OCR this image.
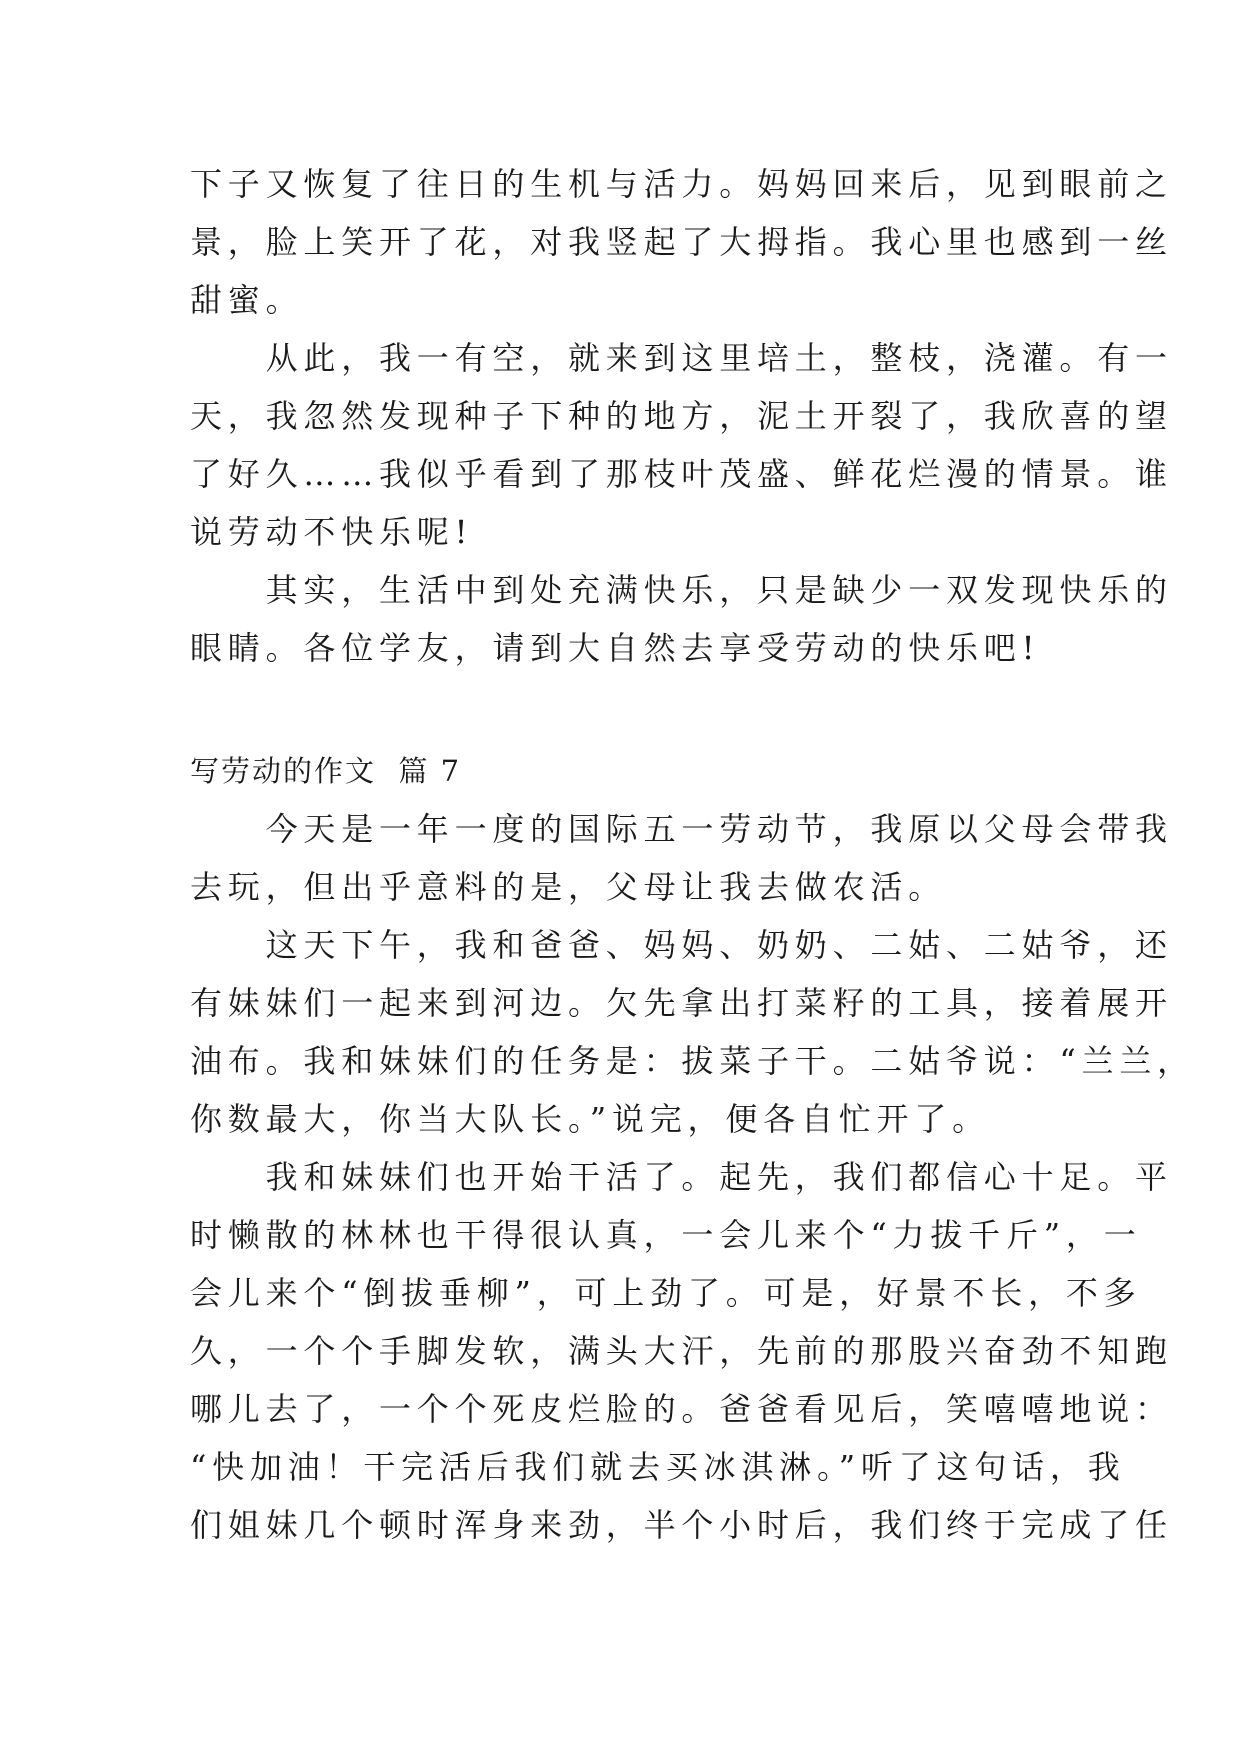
下子又恢复了往日的生机与活力。妈妈回来后，见到眼前之
景，脸上笑开了花，对我竖起了大拇指。我心里也感到一丝
甜蜜。
　　从此，我一有空，就来到这里培土，整枝，浇灌。有一
天，我忽然发现种子下种的地方，泥土开裂了，我欣喜的望
了好久……我似乎看到了那枝叶茂盛、鲜花烂漫的情景。谁
说劳动不快乐呢!
　　其实，生活中到处充满快乐，只是缺少一双发现快乐的
眼睛。各位学友，请到大自然去享受劳动的快乐吧!
写劳动的作文  篇 7
　　今天是一年一度的国际五一劳动节，我原以父母会带我
去玩，但出乎意料的是，父母让我去做农活。
　　这天下午，我和爸爸、妈妈、奶奶、二姑、二姑爷，还
有妹妹们一起来到河边。欠先拿出打菜籽的工具，接着展开
油布。我和妹妹们的任务是：拔菜子干。二姑爷说：“兰兰，
你数最大，你当大队长。”说完，便各自忙开了。
　　我和妹妹们也开始干活了。起先，我们都信心十足。平
时懒散的林林也干得很认真，一会儿来个“力拔千斤”，一
会儿来个“倒拔垂柳”，可上劲了。可是，好景不长，不多
久，一个个手脚发软，满头大汗，先前的那股兴奋劲不知跑
哪儿去了，一个个死皮烂脸的。爸爸看见后，笑嘻嘻地说：
“快加油！干完活后我们就去买冰淇淋。”听了这句话，我
们姐妹几个顿时浑身来劲，半个小时后，我们终于完成了任
